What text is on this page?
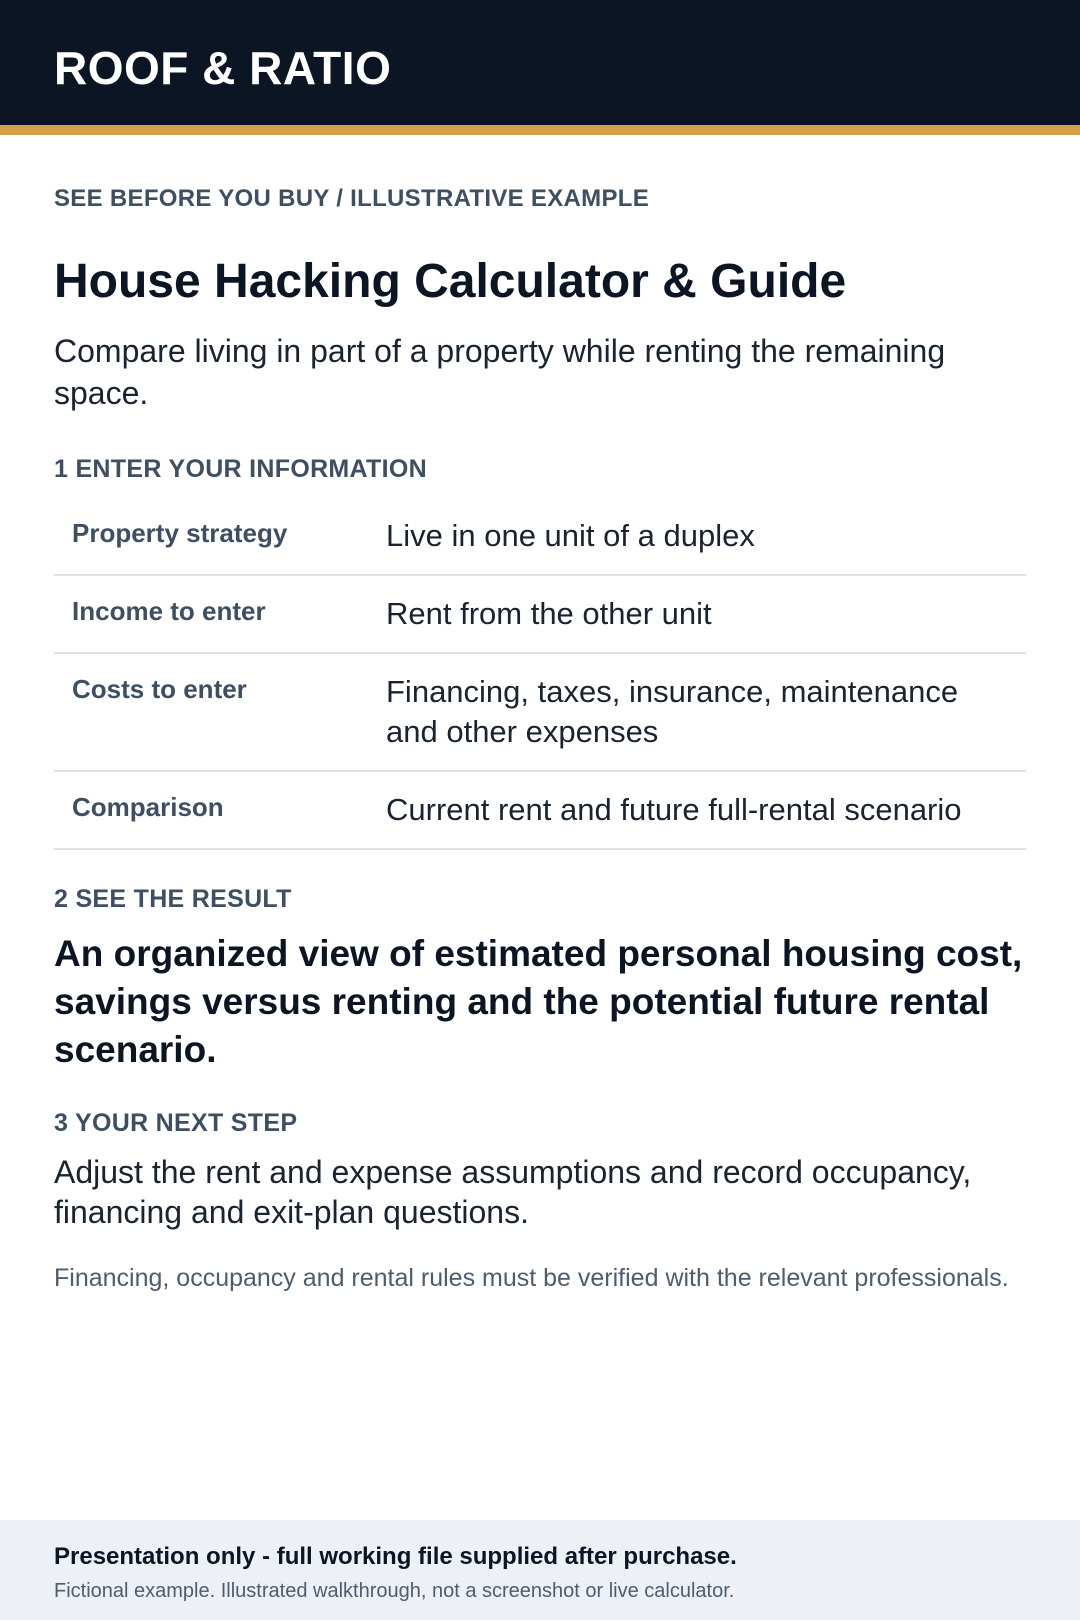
ROOF & RATIO
SEE BEFORE YOU BUY / ILLUSTRATIVE EXAMPLE
House Hacking Calculator & Guide
Compare living in part of a property while renting the remaining space.
1 ENTER YOUR INFORMATION
Property strategy	Live in one unit of a duplex
Income to enter	Rent from the other unit
Costs to enter	Financing, taxes, insurance, maintenance and other expenses
Comparison	Current rent and future full-rental scenario
2 SEE THE RESULT
An organized view of estimated personal housing cost, savings versus renting and the potential future rental scenario.
3 YOUR NEXT STEP
Adjust the rent and expense assumptions and record occupancy, financing and exit-plan questions.
Financing, occupancy and rental rules must be verified with the relevant professionals.
Presentation only - full working file supplied after purchase.
Fictional example. Illustrated walkthrough, not a screenshot or live calculator.
